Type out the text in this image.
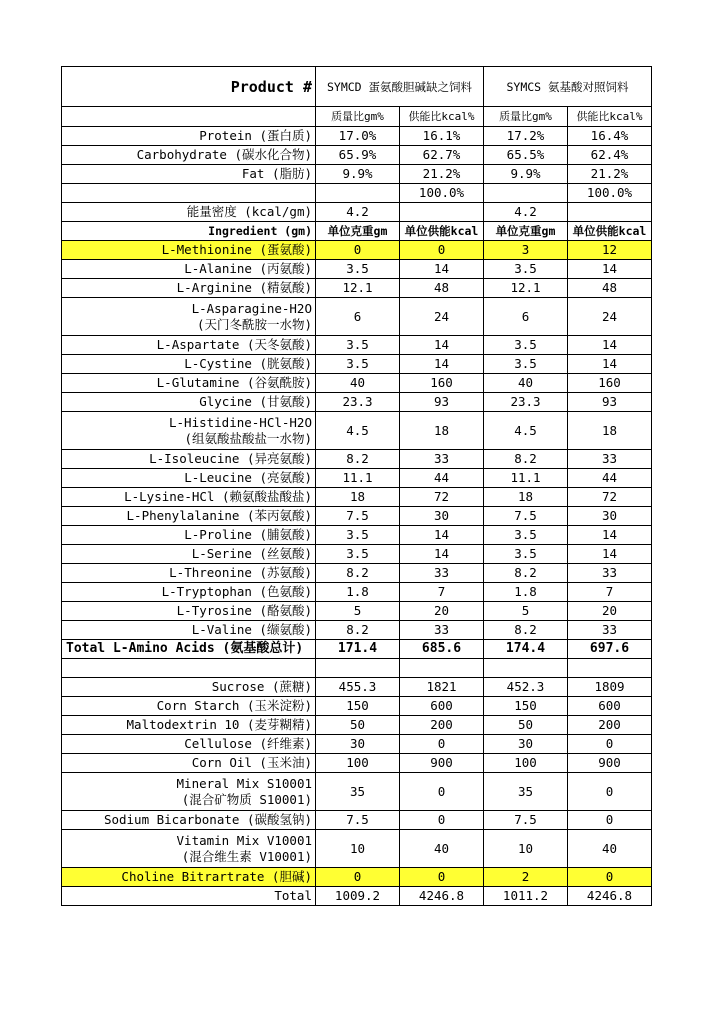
Product #	SYMCD 蛋氨酸胆碱缺之饲料		SYMCS 氨基酸对照饲料	
	质量比gm%	供能比kcal%	质量比gm%	供能比kcal%
Protein (蛋白质)	17.0%	16.1%	17.2%	16.4%
Carbohydrate (碳水化合物)	65.9%	62.7%	65.5%	62.4%
Fat (脂肪)	9.9%	21.2%	9.9%	21.2%
		100.0%		100.0%
能量密度 (kcal/gm)	4.2		4.2	
Ingredient (gm)	单位克重gm	单位供能kcal	单位克重gm	单位供能kcal
L-Methionine (蛋氨酸)	0	0	3	12
L-Alanine (丙氨酸)	3.5	14	3.5	14
L-Arginine (精氨酸)	12.1	48	12.1	48
L-Asparagine-H2O
(天门冬酰胺一水物)	6	24	6	24
L-Aspartate (天冬氨酸)	3.5	14	3.5	14
L-Cystine (胱氨酸)	3.5	14	3.5	14
L-Glutamine (谷氨酰胺)	40	160	40	160
Glycine (甘氨酸)	23.3	93	23.3	93
L-Histidine-HCl-H2O
(组氨酸盐酸盐一水物)	4.5	18	4.5	18
L-Isoleucine (异亮氨酸)	8.2	33	8.2	33
L-Leucine (亮氨酸)	11.1	44	11.1	44
L-Lysine-HCl (赖氨酸盐酸盐)	18	72	18	72
L-Phenylalanine (苯丙氨酸)	7.5	30	7.5	30
L-Proline (脯氨酸)	3.5	14	3.5	14
L-Serine (丝氨酸)	3.5	14	3.5	14
L-Threonine (苏氨酸)	8.2	33	8.2	33
L-Tryptophan (色氨酸)	1.8	7	1.8	7
L-Tyrosine (酪氨酸)	5	20	5	20
L-Valine (缬氨酸)	8.2	33	8.2	33
Total L-Amino Acids (氨基酸总计)	171.4	685.6	174.4	697.6

Sucrose (蔗糖)	455.3	1821	452.3	1809
Corn Starch (玉米淀粉)	150	600	150	600
Maltodextrin 10 (麦芽糊精)	50	200	50	200
Cellulose (纤维素)	30	0	30	0
Corn Oil (玉米油)	100	900	100	900
Mineral Mix S10001
(混合矿物质 S10001)	35	0	35	0
Sodium Bicarbonate (碳酸氢钠)	7.5	0	7.5	0
Vitamin Mix V10001
(混合维生素 V10001)	10	40	10	40
Choline Bitrartrate (胆碱)	0	0	2	0
Total	1009.2	4246.8	1011.2	4246.8
